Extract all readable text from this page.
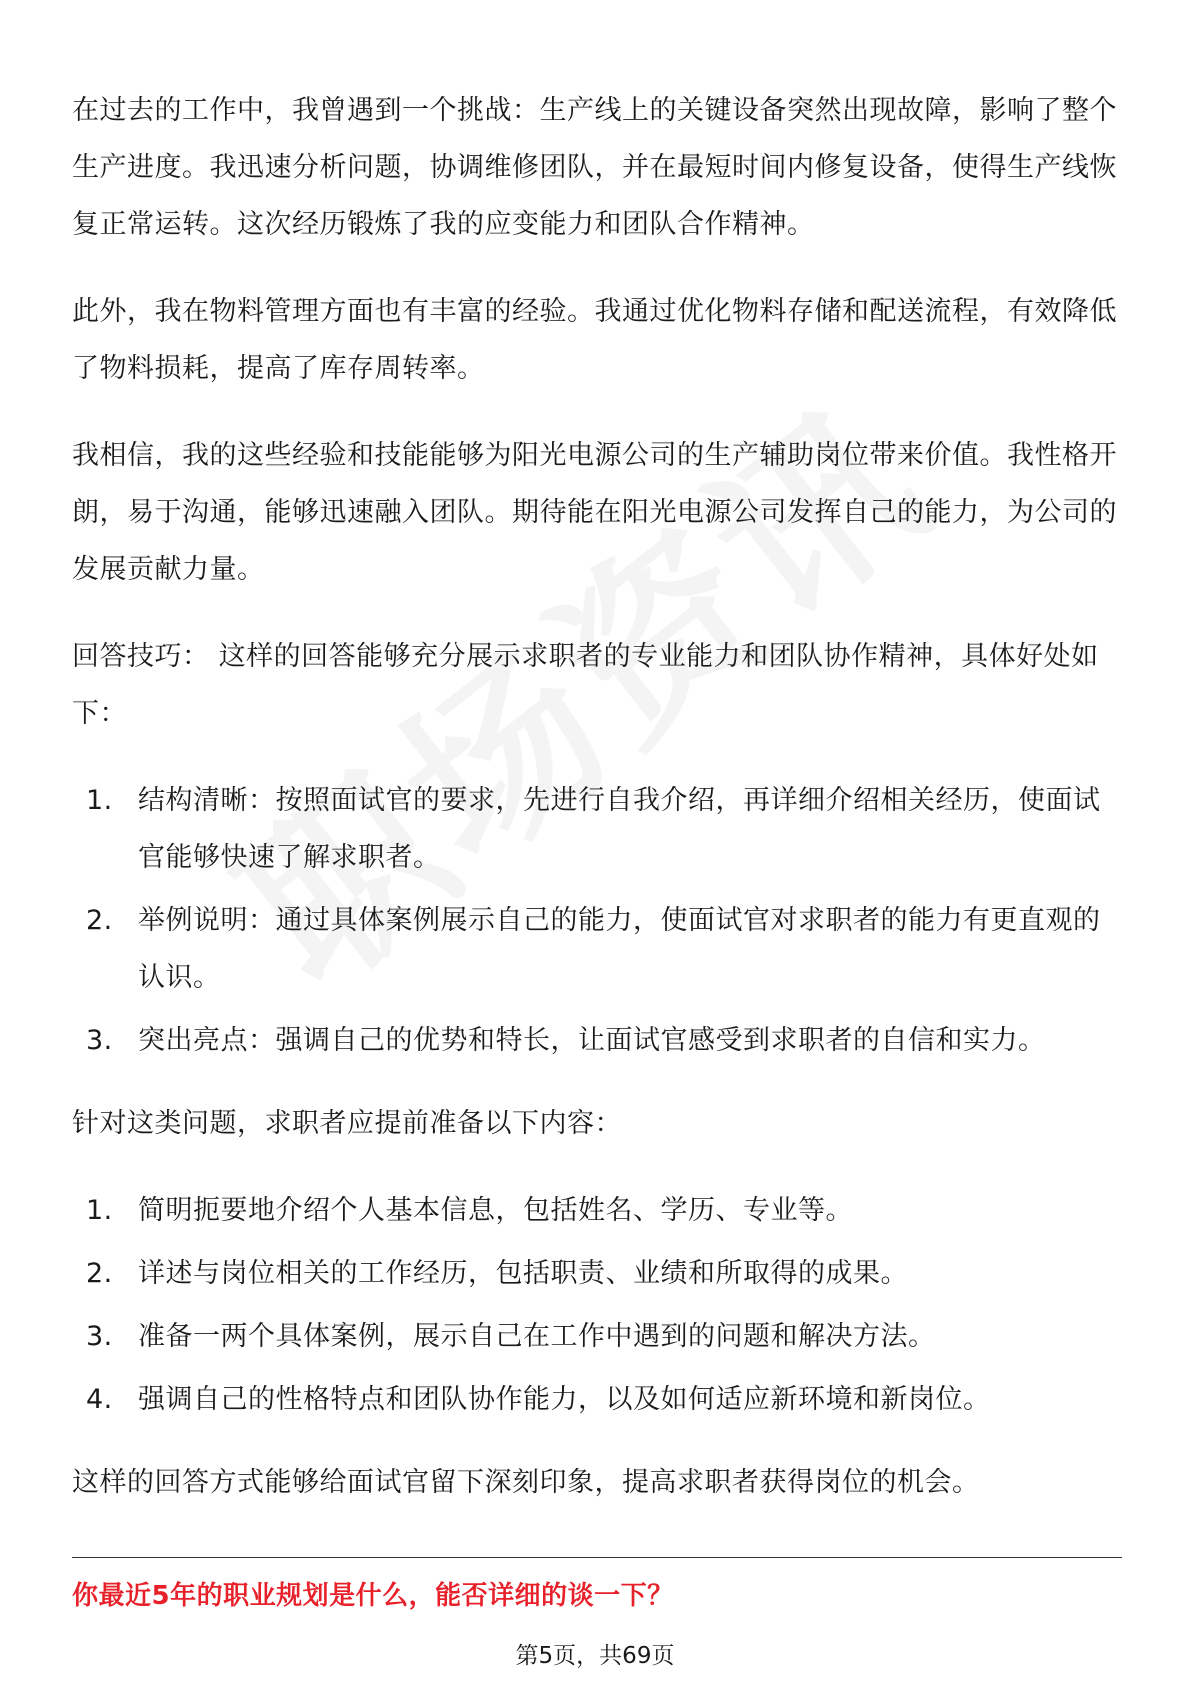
在过去的工作中，我曾遇到一个挑战：生产线上的关键设备突然出现故障，影响了整个生产进度。我迅速分析问题，协调维修团队，并在最短时间内修复设备，使得生产线恢复正常运转。这次经历锻炼了我的应变能力和团队合作精神。

此外，我在物料管理方面也有丰富的经验。我通过优化物料存储和配送流程，有效降低了物料损耗，提高了库存周转率。

我相信，我的这些经验和技能能够为阳光电源公司的生产辅助岗位带来价值。我性格开朗，易于沟通，能够迅速融入团队。期待能在阳光电源公司发挥自己的能力，为公司的发展贡献力量。

回答技巧： 这样的回答能够充分展示求职者的专业能力和团队协作精神，具体好处如下：

1. 结构清晰：按照面试官的要求，先进行自我介绍，再详细介绍相关经历，使面试官能够快速了解求职者。
2. 举例说明：通过具体案例展示自己的能力，使面试官对求职者的能力有更直观的认识。
3. 突出亮点：强调自己的优势和特长，让面试官感受到求职者的自信和实力。

针对这类问题，求职者应提前准备以下内容：

1. 简明扼要地介绍个人基本信息，包括姓名、学历、专业等。
2. 详述与岗位相关的工作经历，包括职责、业绩和所取得的成果。
3. 准备一两个具体案例，展示自己在工作中遇到的问题和解决方法。
4. 强调自己的性格特点和团队协作能力，以及如何适应新环境和新岗位。

这样的回答方式能够给面试官留下深刻印象，提高求职者获得岗位的机会。

你最近5年的职业规划是什么，能否详细的谈一下？
第5页，共69页
